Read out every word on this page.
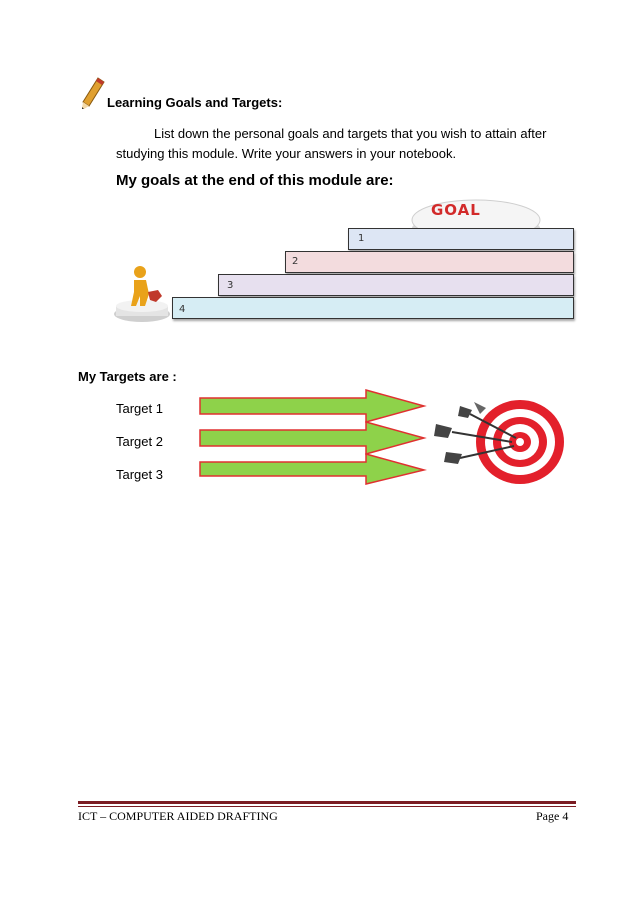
Learning Goals and Targets:
List down the personal goals and targets that you wish to attain after
studying this module. Write your answers in your notebook.
My goals at the end of this module are:
GOAL
1
2
3
4
My Targets are :
Target 1
Target 2
Target 3
ICT – COMPUTER AIDED DRAFTING	Page 4
